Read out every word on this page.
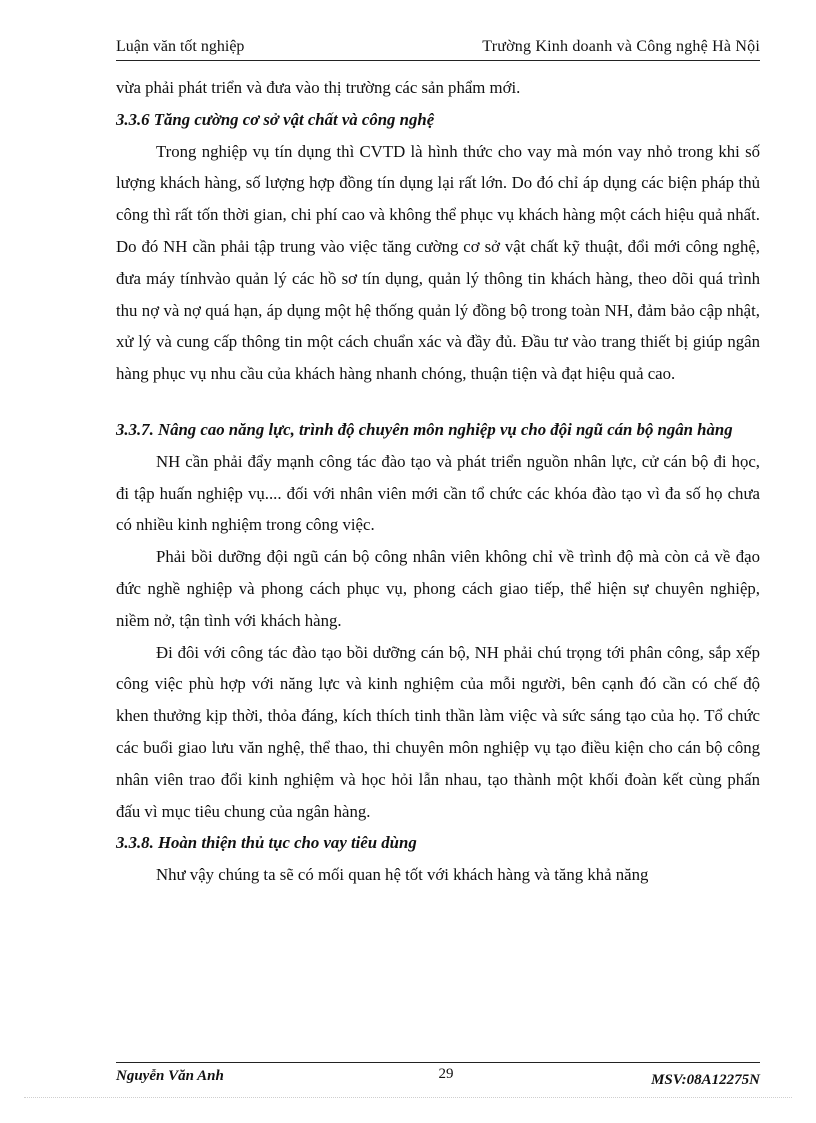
Luận văn tốt nghiệp	Trường Kinh doanh và Công nghệ Hà Nội

vừa phải phát triển và đưa vào thị trường các sản phẩm mới.

3.3.6 Tăng cường cơ sở vật chất và công nghệ

Trong nghiệp vụ tín dụng thì CVTD là hình thức cho vay mà món vay nhỏ trong khi số lượng khách hàng, số lượng hợp đồng tín dụng lại rất lớn. Do đó chỉ áp dụng các biện pháp thủ công thì rất tốn thời gian, chi phí cao và không thể phục vụ khách hàng một cách hiệu quả nhất. Do đó NH cần phải tập trung vào việc tăng cường cơ sở vật chất kỹ thuật, đổi mới công nghệ, đưa máy tínhvào quản lý các hồ sơ tín dụng, quản lý thông tin khách hàng, theo dõi quá trình thu nợ và nợ quá hạn, áp dụng một hệ thống quản lý đồng bộ trong toàn NH, đảm bảo cập nhật, xử lý và cung cấp thông tin một cách chuẩn xác và đầy đủ. Đầu tư vào trang thiết bị giúp ngân hàng phục vụ nhu cầu của khách hàng nhanh chóng, thuận tiện và đạt hiệu quả cao.

3.3.7. Nâng cao năng lực, trình độ chuyên môn nghiệp vụ cho đội ngũ cán bộ ngân hàng

NH cần phải đẩy mạnh công tác đào tạo và phát triển nguồn nhân lực, cử cán bộ đi học, đi tập huấn nghiệp vụ.... đối với nhân viên mới cần tổ chức các khóa đào tạo vì đa số họ chưa có nhiều kinh nghiệm trong công việc.

Phải bồi dưỡng đội ngũ cán bộ công nhân viên không chỉ về trình độ mà còn cả về đạo đức nghề nghiệp và phong cách phục vụ, phong cách giao tiếp, thể hiện sự chuyên nghiệp, niềm nở, tận tình với khách hàng.

Đi đôi với công tác đào tạo bồi dưỡng cán bộ, NH phải chú trọng tới phân công, sắp xếp công việc phù hợp với năng lực và kinh nghiệm của mỗi người, bên cạnh đó cần có chế độ khen thưởng kịp thời, thỏa đáng, kích thích tinh thần làm việc và sức sáng tạo của họ. Tổ chức các buổi giao lưu văn nghệ, thể thao, thi chuyên môn nghiệp vụ tạo điều kiện cho cán bộ công nhân viên trao đổi kinh nghiệm và học hỏi lẫn nhau, tạo thành một khối đoàn kết cùng phấn đấu vì mục tiêu chung của ngân hàng.

3.3.8. Hoàn thiện thủ tục cho vay tiêu dùng

Như vậy chúng ta sẽ có mối quan hệ tốt với khách hàng và tăng khả năng

Nguyễn Văn Anh	29	MSV:08A12275N
